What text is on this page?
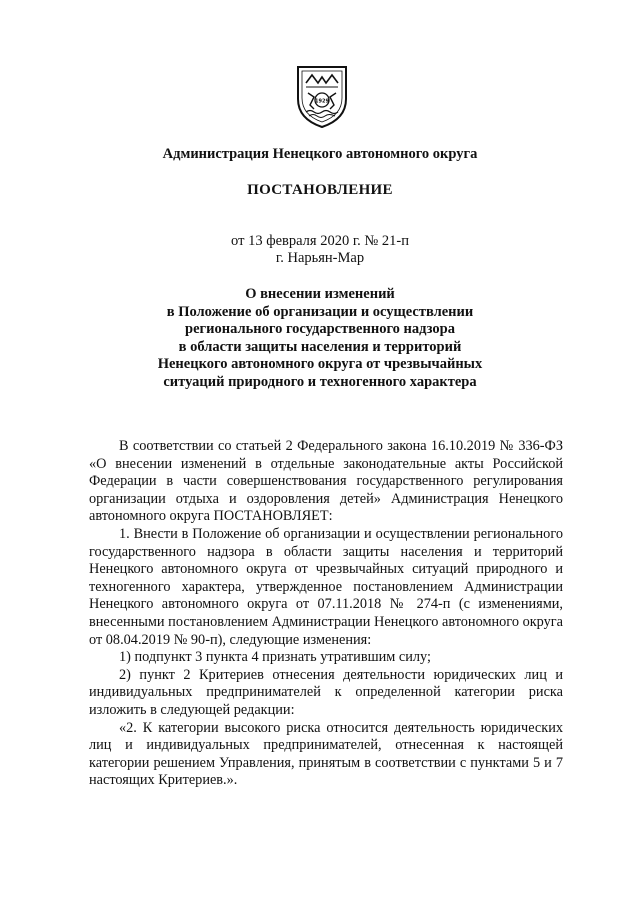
1929
Администрация Ненецкого автономного округа
ПОСТАНОВЛЕНИЕ
от 13 февраля 2020 г. № 21-п
г. Нарьян-Мар
О внесении изменений
в Положение об организации и осуществлении
регионального государственного надзора
в области защиты населения и территорий
Ненецкого автономного округа от чрезвычайных
ситуаций природного и техногенного характера

В соответствии со статьей 2 Федерального закона 16.10.2019 № 336-ФЗ «О внесении изменений в отдельные законодательные акты Российской Федерации в части совершенствования государственного регулирования организации отдыха и оздоровления детей» Администрация Ненецкого автономного округа ПОСТАНОВЛЯЕТ:

1. Внести в Положение об организации и осуществлении регионального государственного надзора в области защиты населения и территорий Ненецкого автономного округа от чрезвычайных ситуаций природного и техногенного характера, утвержденное постановлением Администрации Ненецкого автономного округа от 07.11.2018 № 274-п (с изменениями, внесенными постановлением Администрации Ненецкого автономного округа от 08.04.2019 № 90-п), следующие изменения:

1) подпункт 3 пункта 4 признать утратившим силу;

2) пункт 2 Критериев отнесения деятельности юридических лиц и индивидуальных предпринимателей к определенной категории риска изложить в следующей редакции:

«2. К категории высокого риска относится деятельность юридических лиц и индивидуальных предпринимателей, отнесенная к настоящей категории решением Управления, принятым в соответствии с пунктами 5 и 7 настоящих Критериев.».
